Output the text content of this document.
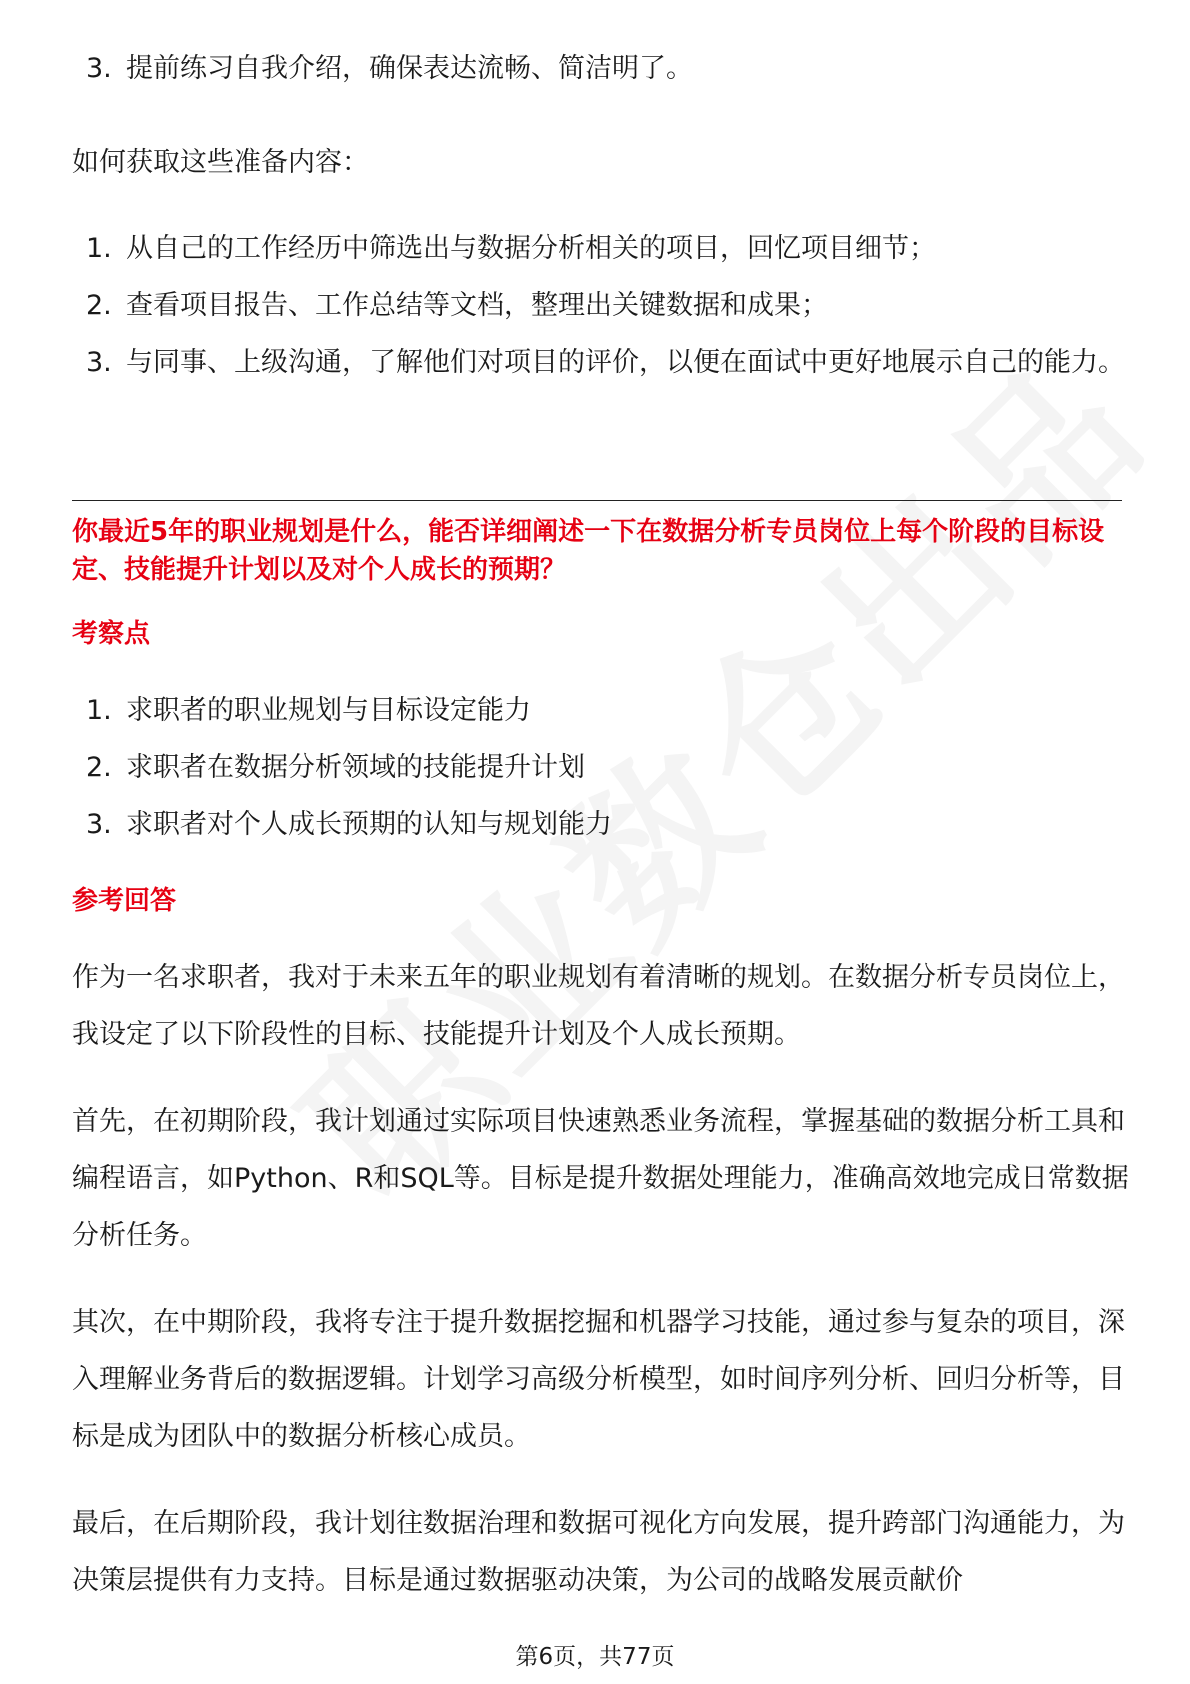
3. 提前练习自我介绍，确保表达流畅、简洁明了。

如何获取这些准备内容：

1. 从自己的工作经历中筛选出与数据分析相关的项目，回忆项目细节；
2. 查看项目报告、工作总结等文档，整理出关键数据和成果；
3. 与同事、上级沟通，了解他们对项目的评价，以便在面试中更好地展示自己的能力。

你最近5年的职业规划是什么，能否详细阐述一下在数据分析专员岗位上每个阶段的目标设定、技能提升计划以及对个人成长的预期？

考察点

1. 求职者的职业规划与目标设定能力
2. 求职者在数据分析领域的技能提升计划
3. 求职者对个人成长预期的认知与规划能力

参考回答

作为一名求职者，我对于未来五年的职业规划有着清晰的规划。在数据分析专员岗位上，我设定了以下阶段性的目标、技能提升计划及个人成长预期。

首先，在初期阶段，我计划通过实际项目快速熟悉业务流程，掌握基础的数据分析工具和编程语言，如Python、R和SQL等。目标是提升数据处理能力，准确高效地完成日常数据分析任务。

其次，在中期阶段，我将专注于提升数据挖掘和机器学习技能，通过参与复杂的项目，深入理解业务背后的数据逻辑。计划学习高级分析模型，如时间序列分析、回归分析等，目标是成为团队中的数据分析核心成员。

最后，在后期阶段，我计划往数据治理和数据可视化方向发展，提升跨部门沟通能力，为决策层提供有力支持。目标是通过数据驱动决策，为公司的战略发展贡献价

第6页，共77页
